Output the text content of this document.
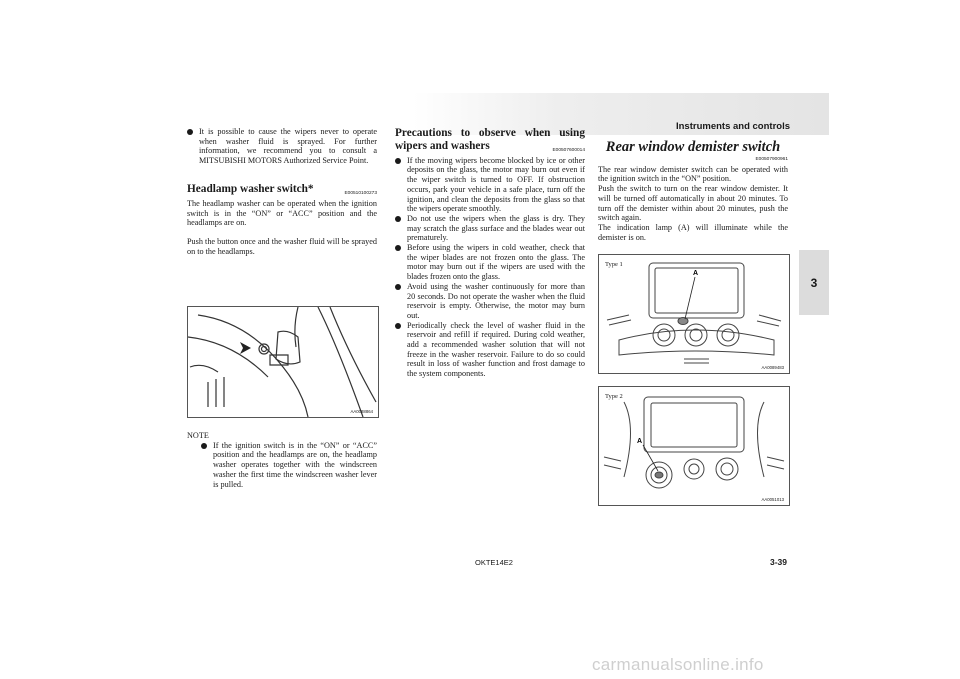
Instruments and controls
3

It is possible to cause the wipers never to operate when washer fluid is sprayed. For further information, we recommend you to consult a MITSUBISHI MOTORS Authorized Service Point.

Headlamp washer switch*	E00510100273

The headlamp washer can be operated when the ignition switch is in the “ON” or “ACC” position and the headlamps are on.

Push the button once and the washer fluid will be sprayed on to the headlamps.

AA0088864
NOTE

If the ignition switch is in the “ON” or “ACC” position and the headlamps are on, the headlamp washer operates together with the windscreen washer the first time the windscreen washer lever is pulled.

Precautions to observe when using wipers and washers	E00507600014

If the moving wipers become blocked by ice or other deposits on the glass, the motor may burn out even if the wiper switch is turned to OFF. If obstruction occurs, park your vehicle in a safe place, turn off the ignition, and clean the deposits from the glass so that the wipers operate smoothly.

Do not use the wipers when the glass is dry. They may scratch the glass surface and the blades wear out prematurely.

Before using the wipers in cold weather, check that the wiper blades are not frozen onto the glass. The motor may burn out if the wipers are used with the blades frozen onto the glass.

Avoid using the washer continuously for more than 20 seconds. Do not operate the washer when the fluid reservoir is empty. Otherwise, the motor may burn out.

Periodically check the level of washer fluid in the reservoir and refill if required. During cold weather, add a recommended washer solution that will not freeze in the washer reservoir. Failure to do so could result in loss of washer function and frost damage to the system components.

Rear window demister switch
E00507900961

The rear window demister switch can be operated with the ignition switch in the “ON” position.

Push the switch to turn on the rear window demister. It will be turned off automatically in about 20 minutes. To turn off the demister within about 20 minutes, push the switch again.

The indication lamp (A) will illuminate while the demister is on.

Type 1
A
AA0089483
Type 2
A
AA0051013
OKTE14E2	3-39
carmanualsonline.info
